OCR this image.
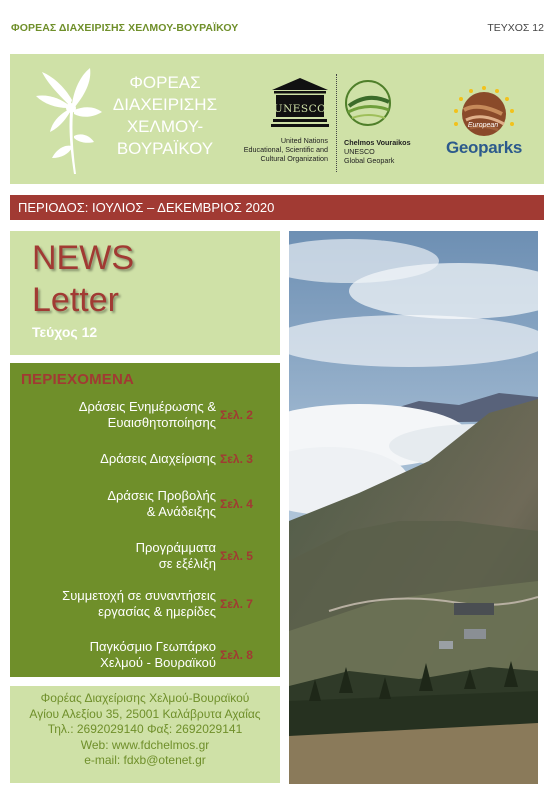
ΦΟΡΕΑΣ ΔΙΑΧΕΙΡΙΣΗΣ ΧΕΛΜΟΥ-ΒΟΥΡΑΪΚΟΥ	ΤΕΥΧΟΣ 12
ΦΟΡΕΑΣ
ΔΙΑΧΕΙΡΙΣΗΣ
ΧΕΛΜΟΥ-
ΒΟΥΡΑΪΚΟΥ
UNESCO
United Nations
Educational, Scientific and
Cultural Organization
Chelmos Vouraikos
UNESCO
Global Geopark
European
Geoparks
ΠΕΡΙΟΔΟΣ: ΙΟΥΛΙΟΣ – ΔΕΚΕΜΒΡΙΟΣ 2020
NEWS
Letter
Τεύχος 12
ΠΕΡΙΕΧΟΜΕΝΑ
Δράσεις Ενημέρωσης &
Ευαισθητοποίησης Σελ. 2
Δράσεις Διαχείρισης Σελ. 3
Δράσεις Προβολής
& Ανάδειξης Σελ. 4
Προγράμματα
σε εξέλιξη Σελ. 5
Συμμετοχή σε συναντήσεις
εργασίας & ημερίδες Σελ. 7
Παγκόσμιο Γεωπάρκο
Χελμού - Βουραϊκού Σελ. 8
Φορέας Διαχείρισης Χελμού-Βουραϊκού
Αγίου Αλεξίου 35, 25001 Καλάβρυτα Αχαΐας
Τηλ.: 2692029140 Φαξ: 2692029141
Web: www.fdchelmos.gr
e-mail: fdxb@otenet.gr
